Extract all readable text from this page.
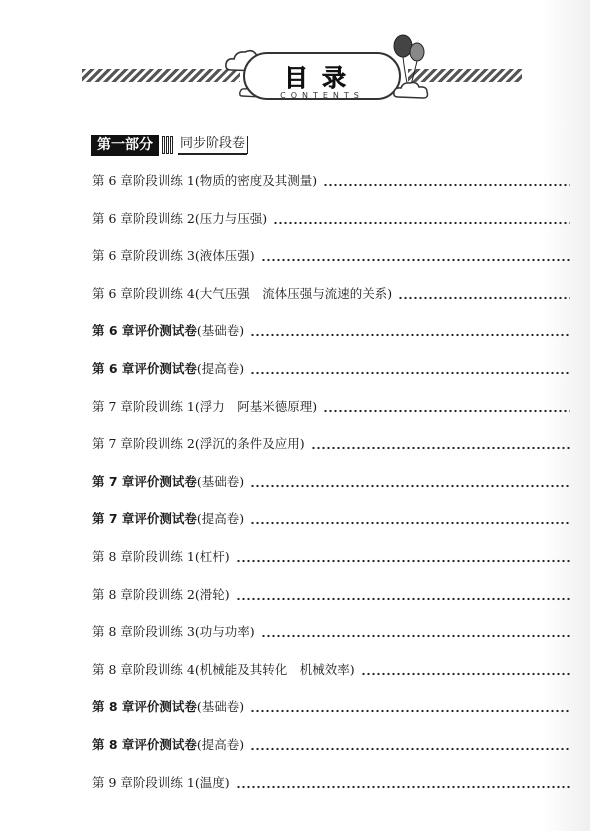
目录
CONTENTS
第一部分	同步阶段卷
第 6 章阶段训练 1(物质的密度及其测量)
第 6 章阶段训练 2(压力与压强)
第 6 章阶段训练 3(液体压强)
第 6 章阶段训练 4(大气压强　流体压强与流速的关系)
第 6 章评价测试卷(基础卷)
第 6 章评价测试卷(提高卷)
第 7 章阶段训练 1(浮力　阿基米德原理)
第 7 章阶段训练 2(浮沉的条件及应用)
第 7 章评价测试卷(基础卷)
第 7 章评价测试卷(提高卷)
第 8 章阶段训练 1(杠杆)
第 8 章阶段训练 2(滑轮)
第 8 章阶段训练 3(功与功率)
第 8 章阶段训练 4(机械能及其转化　机械效率)
第 8 章评价测试卷(基础卷)
第 8 章评价测试卷(提高卷)
第 9 章阶段训练 1(温度)
